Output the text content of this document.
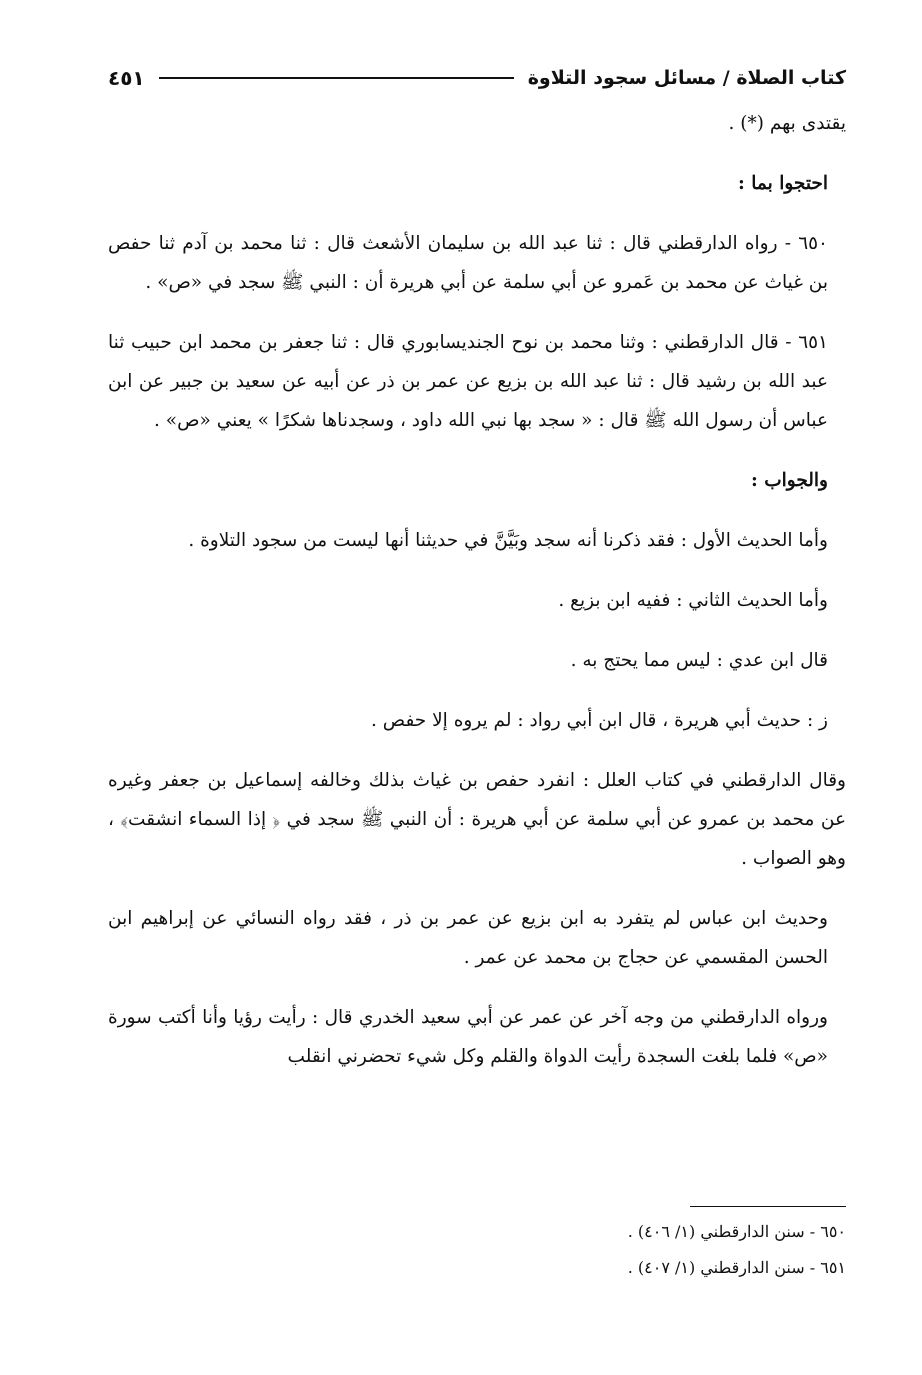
كتاب الصلاة / مسائل سجود التلاوة
٤٥١

يقتدى بهم (*) .

احتجوا بما :

٦٥٠ - رواه الدارقطني قال : ثنا عبد الله بن سليمان الأشعث قال : ثنا محمد بن آدم ثنا حفص بن غياث عن محمد بن عَمرو عن أبي سلمة عن أبي هريرة أن : النبي ﷺ سجد في «ص» .

٦٥١ - قال الدارقطني : وثنا محمد بن نوح الجنديسابوري قال : ثنا جعفر بن محمد ابن حبيب ثنا عبد الله بن رشيد قال : ثنا عبد الله بن بزيع عن عمر بن ذر عن أبيه عن سعيد بن جبير عن ابن عباس أن رسول الله ﷺ قال : « سجد بها نبي الله داود ، وسجدناها شكرًا » يعني «ص» .

والجواب :

وأما الحديث الأول : فقد ذكرنا أنه سجد وبَيَّنَّ في حديثنا أنها ليست من سجود التلاوة .

وأما الحديث الثاني : ففيه ابن بزيع .

قال ابن عدي : ليس مما يحتج به .

ز : حديث أبي هريرة ، قال ابن أبي رواد : لم يروه إلا حفص .

وقال الدارقطني في كتاب العلل : انفرد حفص بن غياث بذلك وخالفه إسماعيل بن جعفر وغيره عن محمد بن عمرو عن أبي سلمة عن أبي هريرة : أن النبي ﷺ سجد في ﴿ إذا السماء انشقت﴾ ، وهو الصواب .

وحديث ابن عباس لم يتفرد به ابن بزيع عن عمر بن ذر ، فقد رواه النسائي عن إبراهيم ابن الحسن المقسمي عن حجاج بن محمد عن عمر .

ورواه الدارقطني من وجه آخر عن عمر عن أبي سعيد الخدري قال : رأيت رؤيا وأنا أكتب سورة «ص» فلما بلغت السجدة رأيت الدواة والقلم وكل شيء تحضرني انقلب

٦٥٠ - سنن الدارقطني (١/ ٤٠٦) .
٦٥١ - سنن الدارقطني (١/ ٤٠٧) .
